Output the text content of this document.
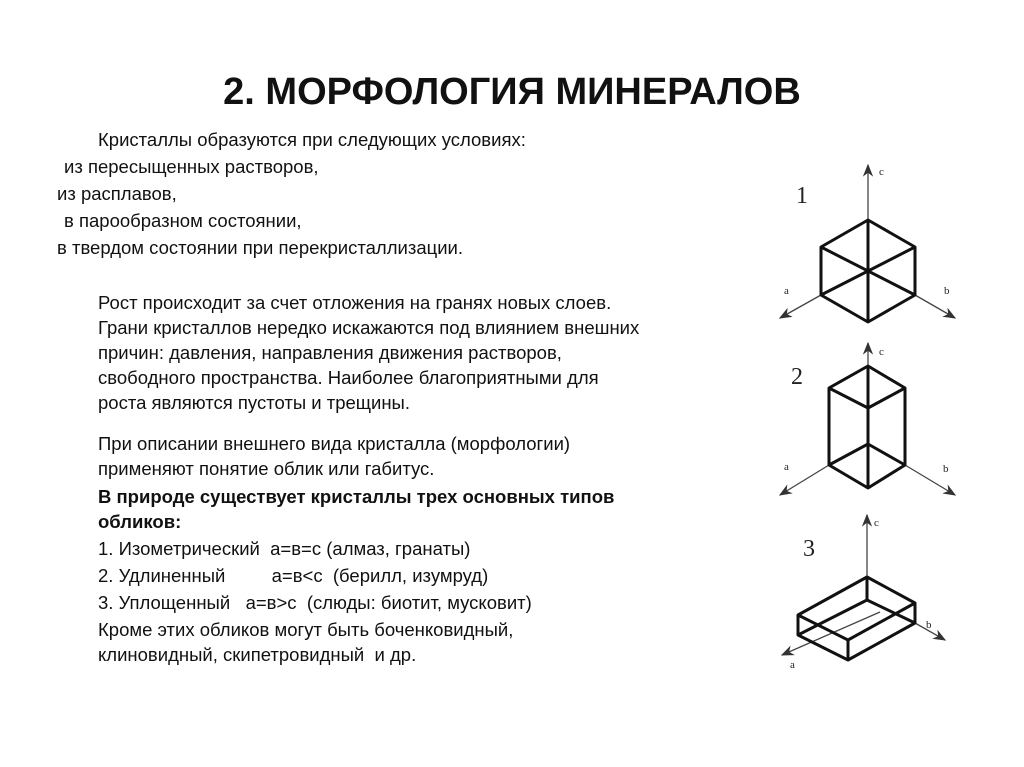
2. МОРФОЛОГИЯ МИНЕРАЛОВ
Кристаллы образуются при следующих условиях:
из пересыщенных растворов,
из расплавов,
в парообразном состоянии,
в твердом состоянии при перекристаллизации.
Рост происходит за счет отложения на гранях новых слоев.
Грани кристаллов нередко искажаются под влиянием внешних
причин: давления, направления движения растворов,
свободного пространства. Наиболее благоприятными для
роста являются пустоты и трещины.
При описании внешнего вида кристалла (морфологии)
применяют понятие облик или габитус.
В природе существует кристаллы трех основных типов
обликов:
1. Изометрический  а=в=с (алмаз, гранаты)
2. Удлиненный         а=в<с  (берилл, изумруд)
3. Уплощенный   а=в>с  (слюды: биотит, мусковит)
Кроме этих обликов могут быть боченковидный,
клиновидный, скипетровидный  и др.
1
2
3
a	b
c
a	b
c
a
b
c
